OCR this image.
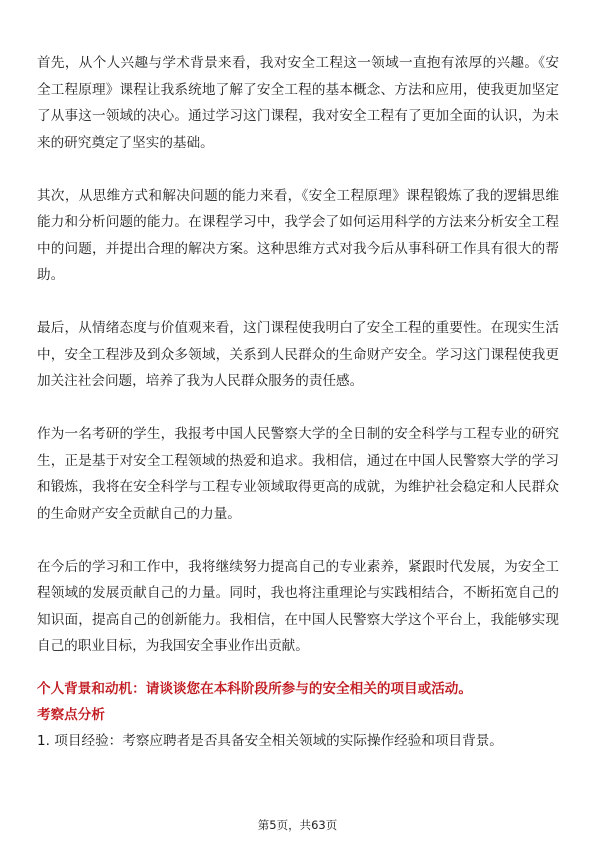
首先，从个人兴趣与学术背景来看，我对安全工程这一领域一直抱有浓厚的兴趣。《安全工程原理》课程让我系统地了解了安全工程的基本概念、方法和应用，使我更加坚定了从事这一领域的决心。通过学习这门课程，我对安全工程有了更加全面的认识，为未来的研究奠定了坚实的基础。

其次，从思维方式和解决问题的能力来看，《安全工程原理》课程锻炼了我的逻辑思维能力和分析问题的能力。在课程学习中，我学会了如何运用科学的方法来分析安全工程中的问题，并提出合理的解决方案。这种思维方式对我今后从事科研工作具有很大的帮助。

最后，从情绪态度与价值观来看，这门课程使我明白了安全工程的重要性。在现实生活中，安全工程涉及到众多领域，关系到人民群众的生命财产安全。学习这门课程使我更加关注社会问题，培养了我为人民群众服务的责任感。

作为一名考研的学生，我报考中国人民警察大学的全日制的安全科学与工程专业的研究生，正是基于对安全工程领域的热爱和追求。我相信，通过在中国人民警察大学的学习和锻炼，我将在安全科学与工程专业领域取得更高的成就，为维护社会稳定和人民群众的生命财产安全贡献自己的力量。

在今后的学习和工作中，我将继续努力提高自己的专业素养，紧跟时代发展，为安全工程领域的发展贡献自己的力量。同时，我也将注重理论与实践相结合，不断拓宽自己的知识面，提高自己的创新能力。我相信，在中国人民警察大学这个平台上，我能够实现自己的职业目标，为我国安全事业作出贡献。

个人背景和动机：请谈谈您在本科阶段所参与的安全相关的项目或活动。

考察点分析

1. 项目经验：考察应聘者是否具备安全相关领域的实际操作经验和项目背景。

第5页，共63页
